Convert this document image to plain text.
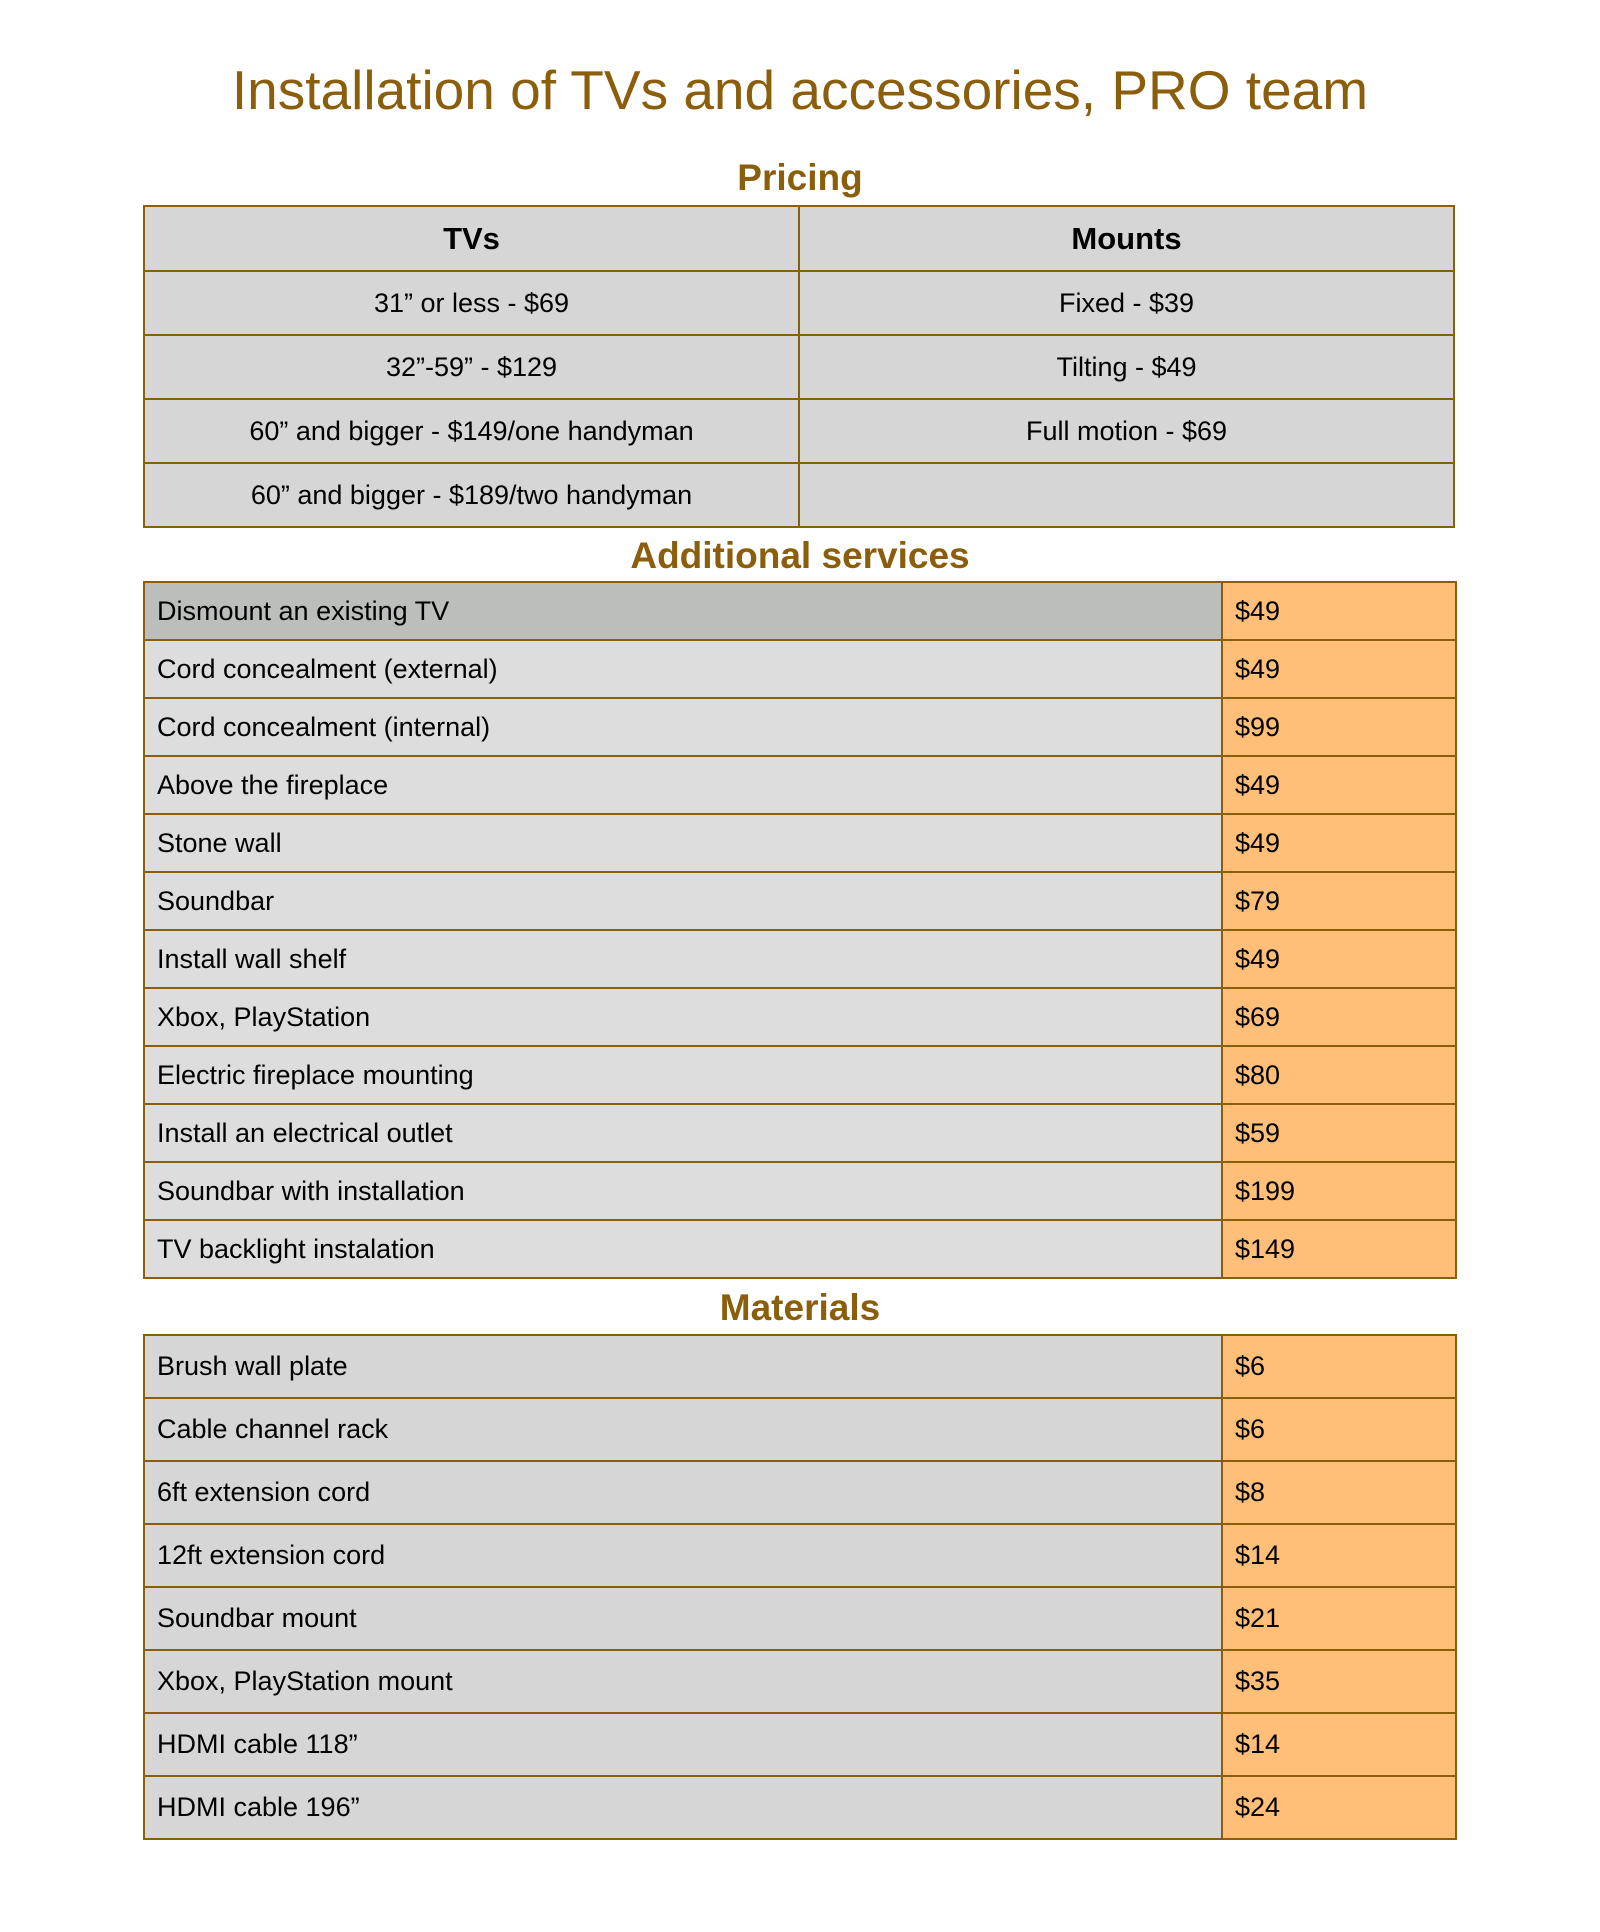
Installation of TVs and accessories, PRO team
Pricing
TVs	Mounts
31” or less - $69	Fixed - $39
32”-59” - $129	Tilting - $49
60” and bigger - $149/one handyman	Full motion - $69
60” and bigger - $189/two handyman	
Additional services
Dismount an existing TV	$49
Cord concealment (external)	$49
Cord concealment (internal)	$99
Above the fireplace	$49
Stone wall	$49
Soundbar	$79
Install wall shelf	$49
Xbox, PlayStation	$69
Electric fireplace mounting	$80
Install an electrical outlet	$59
Soundbar with installation	$199
TV backlight instalation	$149
Materials
Brush wall plate	$6
Cable channel rack	$6
6ft extension cord	$8
12ft extension cord	$14
Soundbar mount	$21
Xbox, PlayStation mount	$35
HDMI cable 118”	$14
HDMI cable 196”	$24
